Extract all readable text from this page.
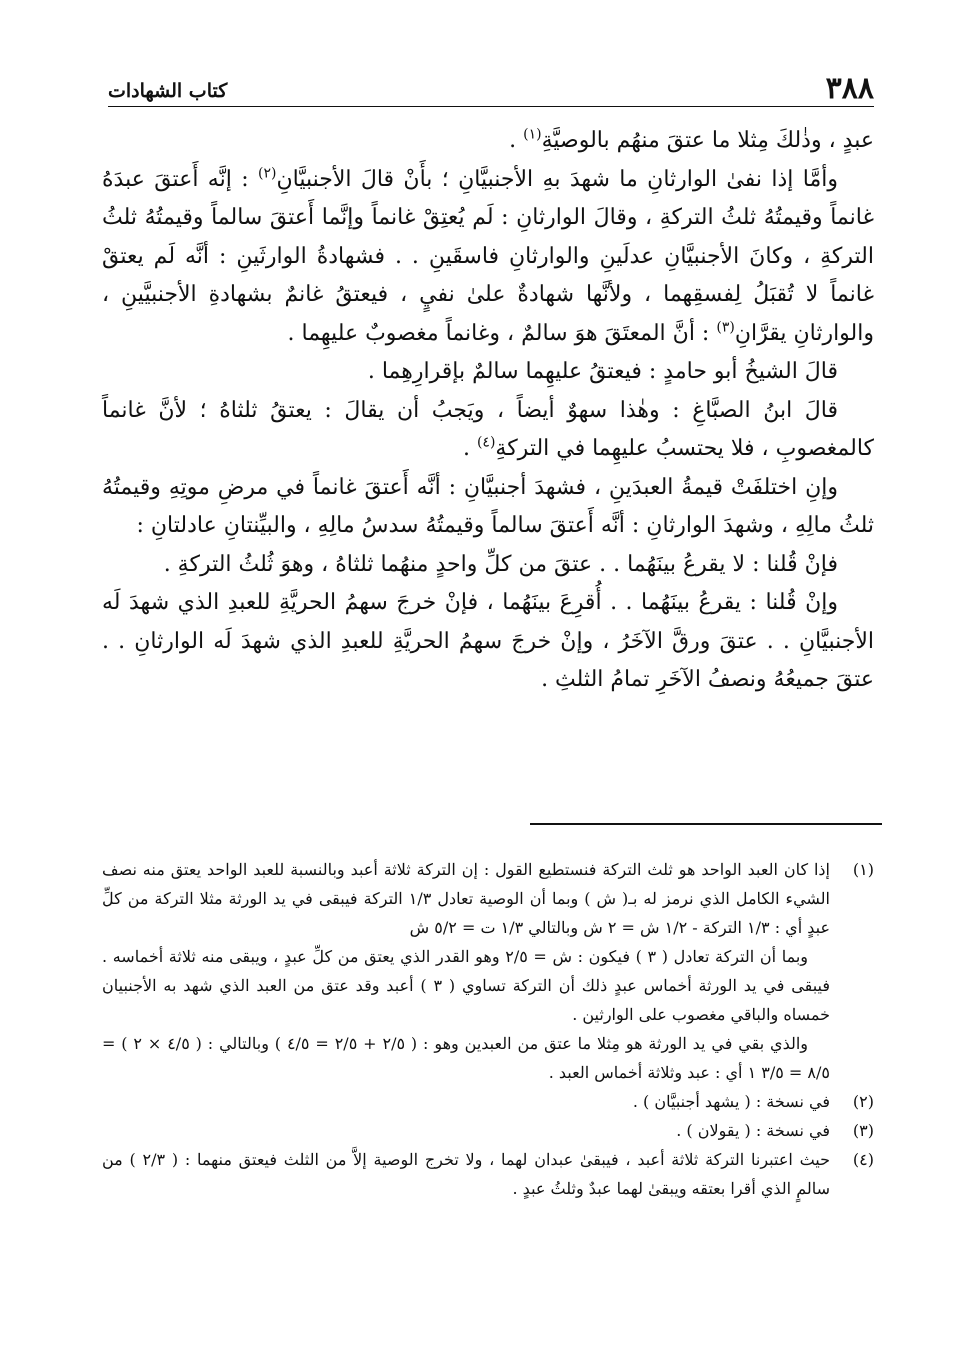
٣٨٨
كتاب الشهادات

عبدٍ ، وذٰلكَ مِثلا ما عتقَ منهُم بالوصيَّةِ$^{(١)}$ .

وأمَّا إذا نفىٰ الوارثانِ ما شهدَ بهِ الأجنبيَّانِ ؛ بأَنْ قالَ الأجنبيَّانِ$^{(٢)}$ : إنَّه أَعتقَ عبدَهُ غانماً وقيمتُهُ ثلثُ التركةِ ، وقالَ الوارثانِ : لَم يُعتِقْ غانماً وإنَّما أَعتقَ سالماً وقيمتُهُ ثلثُ التركةِ ، وكانَ الأجنبيَّانِ عدلَينِ والوارثانِ فاسقَينِ . . فشهادةُ الوارثَينِ : أنَّه لَم يعتقْ غانماً لا تُقبَلُ لِفسقِهما ، ولأنَّها شهادةٌ علىٰ نفيٍ ، فيعتقُ غانمٌ بشهادةِ الأجنبيَّينِ ، والوارثانِ يقرَّانِ$^{(٣)}$ : أنَّ المعتَقَ هوَ سالمٌ ، وغانماً مغصوبٌ عليهِما .

قالَ الشيخُ أبو حامدٍ : فيعتقُ عليهِما سالمٌ بإقرارِهِما .

قالَ ابنُ الصبَّاغِ : وهٰذا سهوٌ أيضاً ، ويَجبُ أن يقالَ : يعتقُ ثلثاهُ ؛ لأنَّ غانماً كالمغصوبِ ، فلا يحتسبُ عليهِما في التركةِ$^{(٤)}$ .

وإنِ اختلفَتْ قيمةُ العبدَينِ ، فشهدَ أجنبيَّانِ : أنَّه أَعتقَ غانماً في مرضِ موتِهِ وقيمتُهُ ثلثُ مالِهِ ، وشهدَ الوارثانِ : أنَّه أَعتقَ سالماً وقيمتُهُ سدسُ مالِهِ ، والبيِّنتانِ عادلتانِ :

فإنْ قُلنا : لا يقرعُ بينَهُما . . عتقَ من كلِّ واحدٍ منهُما ثلثاهُ ، وهوَ ثُلثُ التركةِ .

وإنْ قُلنا : يقرعُ بينَهُما . . أُقرِعَ بينَهُما ، فإنْ خرجَ سهمُ الحريَّةِ للعبدِ الذي شهدَ لَه الأجنبيَّانِ . . عتقَ ورقَّ الآخَرُ ، وإنْ خرجَ سهمُ الحريَّةِ للعبدِ الذي شهدَ لَه الوارثانِ . . عتقَ جميعُهُ ونصفُ الآخَرِ تمامُ الثلثِ .

(١)

إذا كان العبد الواحد هو ثلث التركة فنستطيع القول : إن التركة ثلاثة أعبد وبالنسبة للعبد الواحد يعتق منه نصف الشيء الكامل الذي نرمز له بـ( ش ) وبما أن الوصية تعادل ١/٣ التركة فيبقى في يد الورثة مثلا التركة من كلِّ عبدٍ أي : ١/٣ التركة - ١/٢ ش = ٢ ش وبالتالي ١/٣ ت = ٥/٢ ش

وبما أن التركة تعادل ( ٣ ) فيكون : ش = ٢/٥ وهو القدر الذي يعتق من كلِّ عبدٍ ، ويبقى منه ثلاثة أخماسه . فيبقى في يد الورثة أخماس عبدٍ ذلك أن التركة تساوي ( ٣ ) أعبد وقد عتق من العبد الذي شهد به الأجنبيان خمساه والباقي مغصوب على الوارثين .

والذي بقي في يد الورثة هو مِثلا ما عتق من العبدين وهو : ( ٢/٥ + ٢/٥ = ٤/٥ ) وبالتالي : ( ٤/٥ × ٢ ) = ٨/٥ = ٣/٥ ١ أي : عبد وثلاثة أخماس العبد .

(٢)

في نسخة : ( يشهد أجنبيَّان ) .

(٣)

في نسخة : ( يقولان ) .

(٤)

حيث اعتبرنا التركة ثلاثة أعبد ، فيبقىٰ عبدان لهما ، ولا تخرج الوصية إلاَّ من الثلث فيعتق منهما : ( ٢/٣ ) من سالمٍ الذي أقرا بعتقه ويبقىٰ لهما عبدٌ وثلثُ عبدٍ .
